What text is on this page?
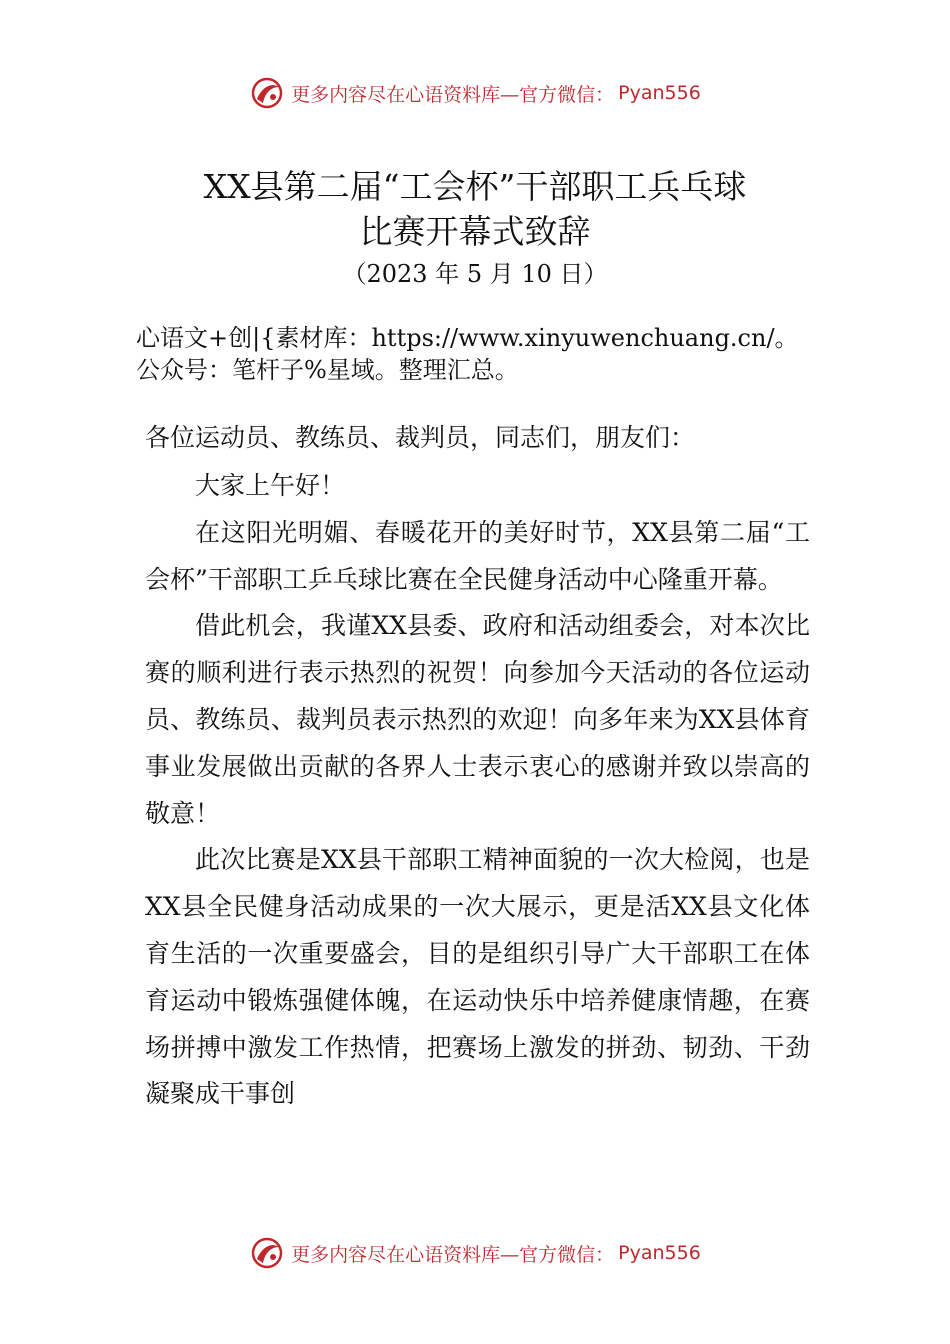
更多内容尽在心语资料库—官方微信： Pyan556
XX县第二届“工会杯”干部职工兵乓球
比赛开幕式致辞
（2023 年 5 月 10 日）
心语文+创|{素材库：https://www.xinyuwenchuang.cn/。公众号：笔杆子%星域。整理汇总。
各位运动员、教练员、裁判员，同志们，朋友们：

大家上午好！

在这阳光明媚、春暖花开的美好时节，XX县第二届“工会杯”干部职工乒乓球比赛在全民健身活动中心隆重开幕。

借此机会，我谨XX县委、政府和活动组委会，对本次比赛的顺利进行表示热烈的祝贺！向参加今天活动的各位运动员、教练员、裁判员表示热烈的欢迎！向多年来为XX县体育事业发展做出贡献的各界人士表示衷心的感谢并致以崇高的敬意！

此次比赛是XX县干部职工精神面貌的一次大检阅，也是XX县全民健身活动成果的一次大展示，更是活XX县文化体育生活的一次重要盛会，目的是组织引导广大干部职工在体育运动中锻炼强健体魄，在运动快乐中培养健康情趣，在赛场拼搏中激发工作热情，把赛场上激发的拼劲、韧劲、干劲凝聚成干事创

更多内容尽在心语资料库—官方微信： Pyan556
